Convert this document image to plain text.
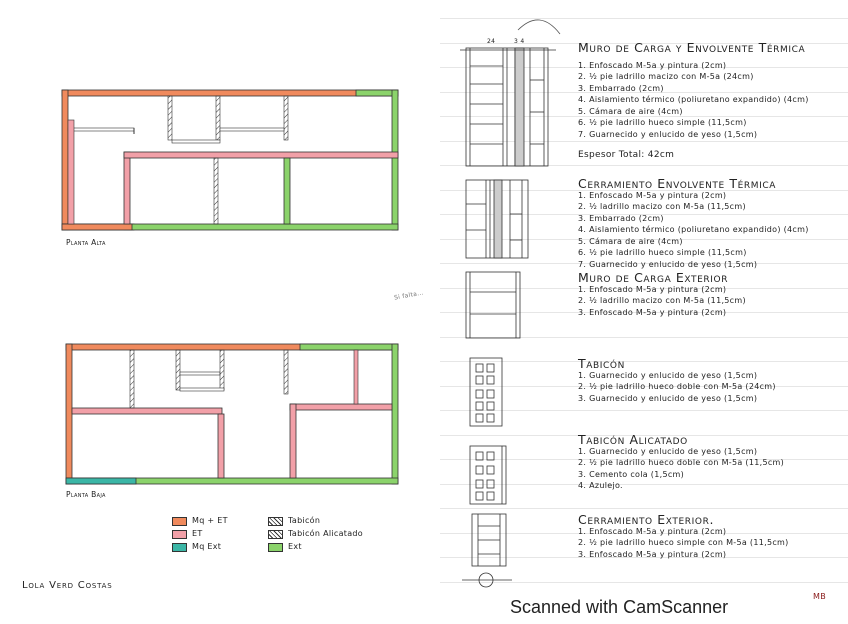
24	3 4
Planta Alta
Planta Baja
Si falta...
Mq + ET
ET
Mq Ext
Tabicón
Tabicón Alicatado
Ext
Lola Verd Costas
Muro de Carga y Envolvente Térmica
1. Enfoscado M-5a y pintura (2cm)
2. ½ pie ladrillo macizo con M-5a (24cm)
3. Embarrado (2cm)
4. Aislamiento térmico (poliuretano expandido) (4cm)
5. Cámara de aire (4cm)
6. ½ pie ladrillo hueco simple (11,5cm)
7. Guarnecido y enlucido de yeso (1,5cm)
Espesor Total: 42cm
Cerramiento Envolvente Térmica
1. Enfoscado M-5a y pintura (2cm)
2. ½ ladrillo macizo con M-5a (11,5cm)
3. Embarrado (2cm)
4. Aislamiento térmico (poliuretano expandido) (4cm)
5. Cámara de aire (4cm)
6. ½ pie ladrillo hueco simple (11,5cm)
7. Guarnecido y enlucido de yeso (1,5cm)
Muro de Carga Exterior
1. Enfoscado M-5a y pintura (2cm)
2. ½ ladrillo macizo con M-5a (11,5cm)
3. Enfoscado M-5a y pintura (2cm)
Tabicón
1. Guarnecido y enlucido de yeso (1,5cm)
2. ½ pie ladrillo hueco doble con M-5a (24cm)
3. Guarnecido y enlucido de yeso (1,5cm)
Tabicón Alicatado
1. Guarnecido y enlucido de yeso (1,5cm)
2. ½ pie ladrillo hueco doble con M-5a (11,5cm)
3. Cemento cola (1,5cm)
4. Azulejo.
Cerramiento Exterior.
1. Enfoscado M-5a y pintura (2cm)
2. ½ pie ladrillo hueco simple con M-5a (11,5cm)
3. Enfoscado M-5a y pintura (2cm)
Scanned with CamScanner
MB
